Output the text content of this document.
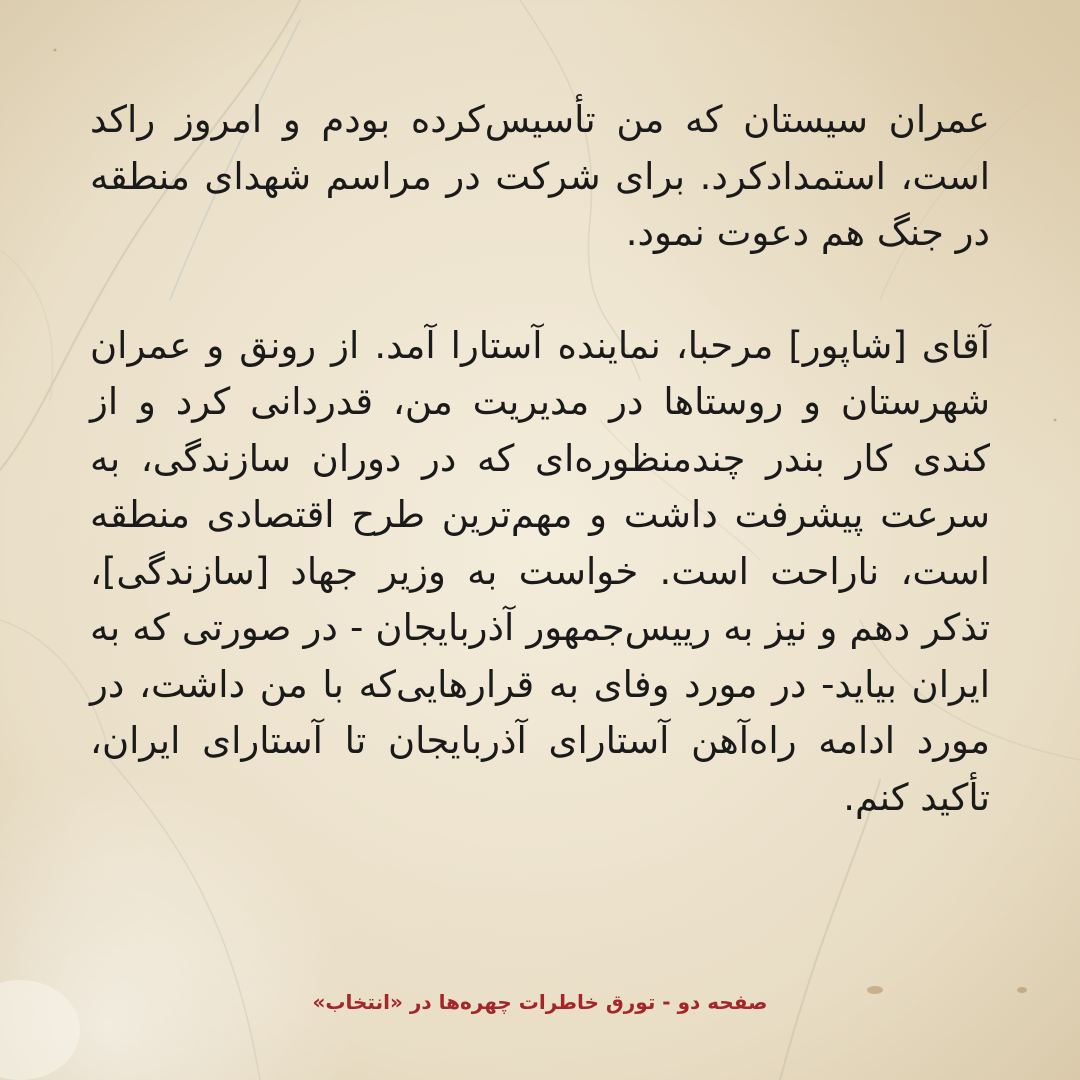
عمران سیستان که من تأسیس‌کرده بودم و امروز راکد است، استمدادکرد. برای شرکت در مراسم شهدای منطقه در جنگ هم دعوت نمود.

آقای [شاپور] مرحبا، نماینده آستارا آمد. از رونق و عمران شهرستان و روستاها در مدیریت من، قدردانی کرد و از کندی کار بندر چندمنظوره‌ای که در دوران سازندگی، به سرعت پیشرفت داشت و مهم‌ترین طرح اقتصادی منطقه است، ناراحت است. خواست به وزیر جهاد [سازندگی]، تذکر دهم و نیز به رییس‌جمهور آذربایجان - در صورتی که به ایران بیاید- در مورد وفای به قرارهایی‌که با من داشت، در مورد ادامه راه‌آهن آستارای آذربایجان تا آستارای ایران، تأکید کنم.

صفحه دو - تورق خاطرات چهره‌ها در «انتخاب»
